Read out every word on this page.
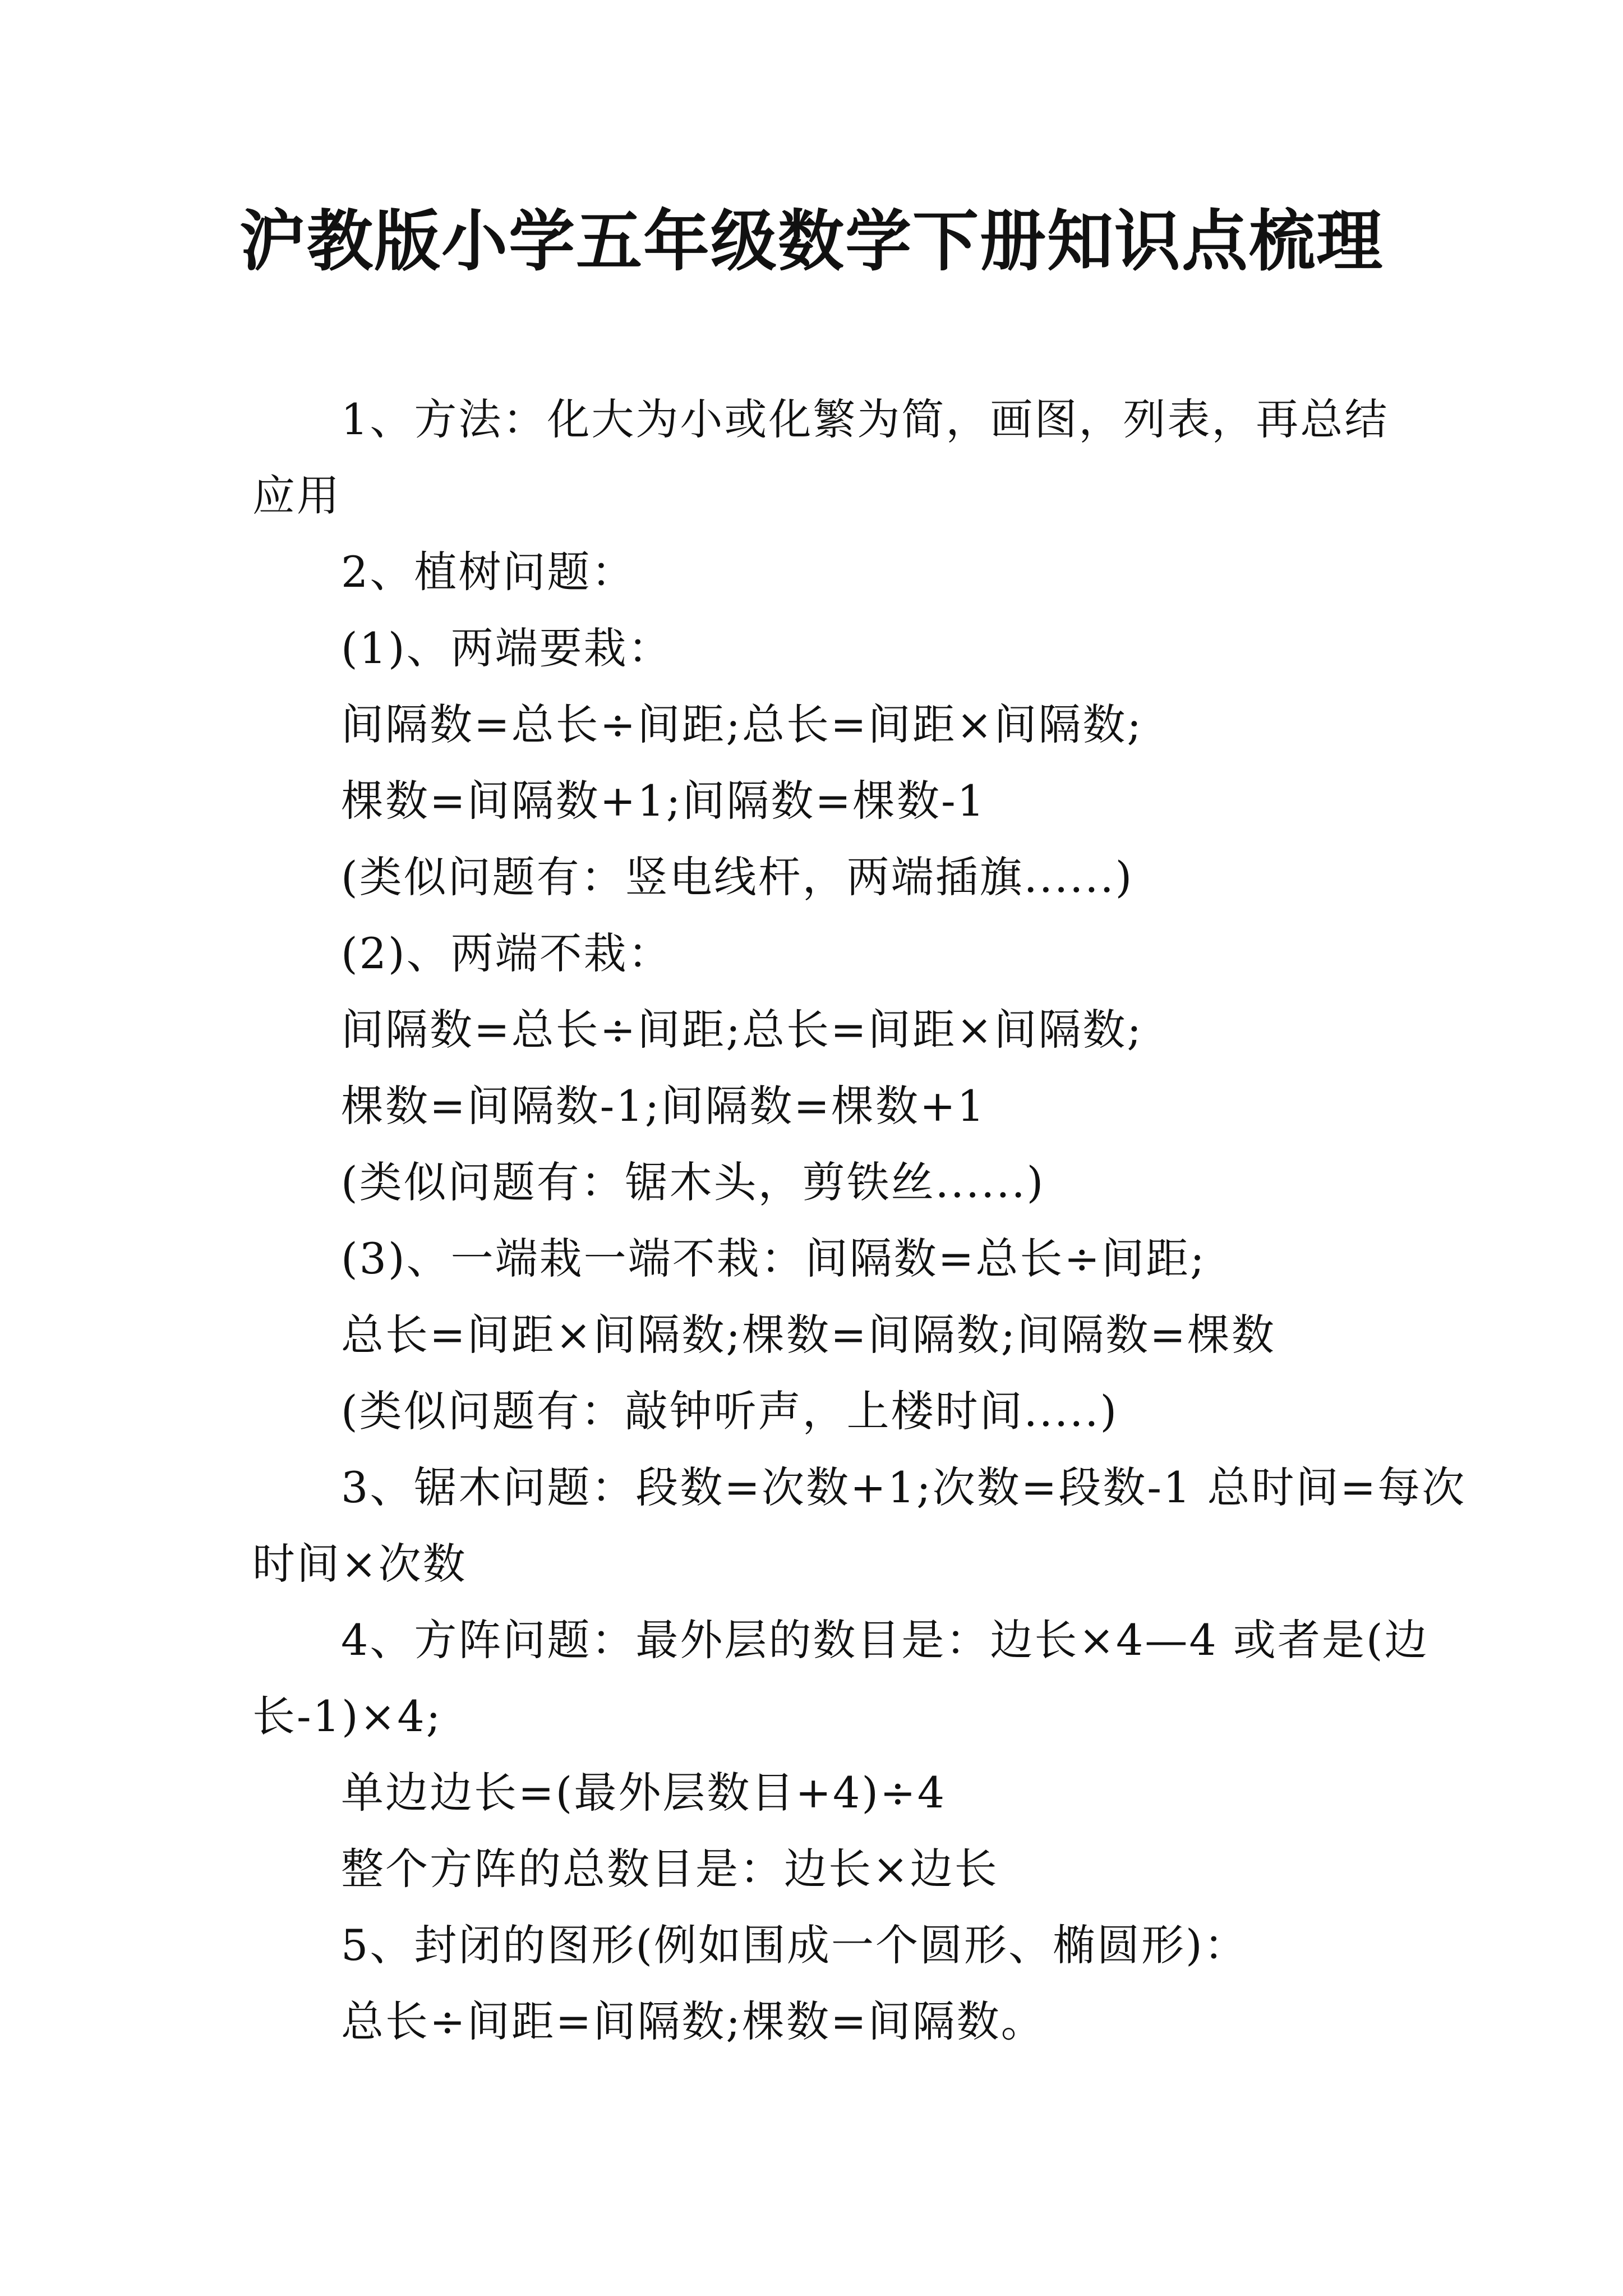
沪教版小学五年级数学下册知识点梳理

1、方法：化大为小或化繁为简，画图，列表，再总结

应用

2、植树问题：

(1)、两端要栽：

间隔数=总长÷间距;总长=间距×间隔数;

棵数=间隔数+1;间隔数=棵数-1

(类似问题有：竖电线杆，两端插旗......)

(2)、两端不栽：

间隔数=总长÷间距;总长=间距×间隔数;

棵数=间隔数-1;间隔数=棵数+1

(类似问题有：锯木头，剪铁丝......)

(3)、一端栽一端不栽：间隔数=总长÷间距;

总长=间距×间隔数;棵数=间隔数;间隔数=棵数

(类似问题有：敲钟听声，上楼时间.....)

3、锯木问题：段数=次数+1;次数=段数-1 总时间=每次

时间×次数

4、方阵问题：最外层的数目是：边长×4—4 或者是(边

长-1)×4;

单边边长=(最外层数目+4)÷4

整个方阵的总数目是：边长×边长

5、封闭的图形(例如围成一个圆形、椭圆形)：

总长÷间距=间隔数;棵数=间隔数。
